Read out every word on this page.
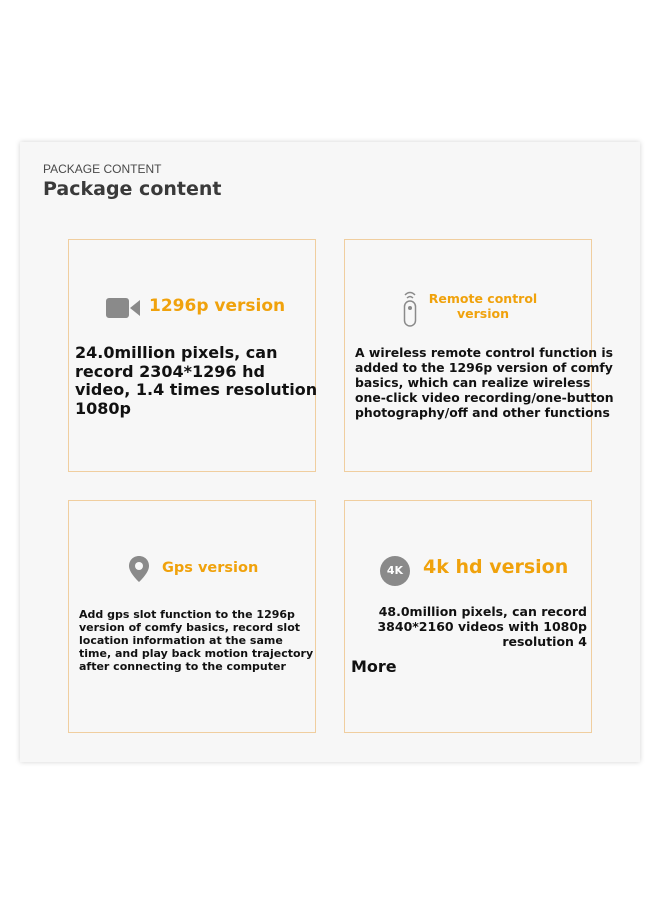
PACKAGE CONTENT
Package content
1296p version
24.0million pixels, can
record 2304*1296 hd
video, 1.4 times resolution
1080p
Remote control
version
A wireless remote control function is
added to the 1296p version of comfy
basics, which can realize wireless
one-click video recording/one-button
photography/off and other functions
Gps version
Add gps slot function to the 1296p
version of comfy basics, record slot
location information at the same
time, and play back motion trajectory
after connecting to the computer
4K	4k hd version
48.0million pixels, can record
3840*2160 videos with 1080p
resolution 4
More
